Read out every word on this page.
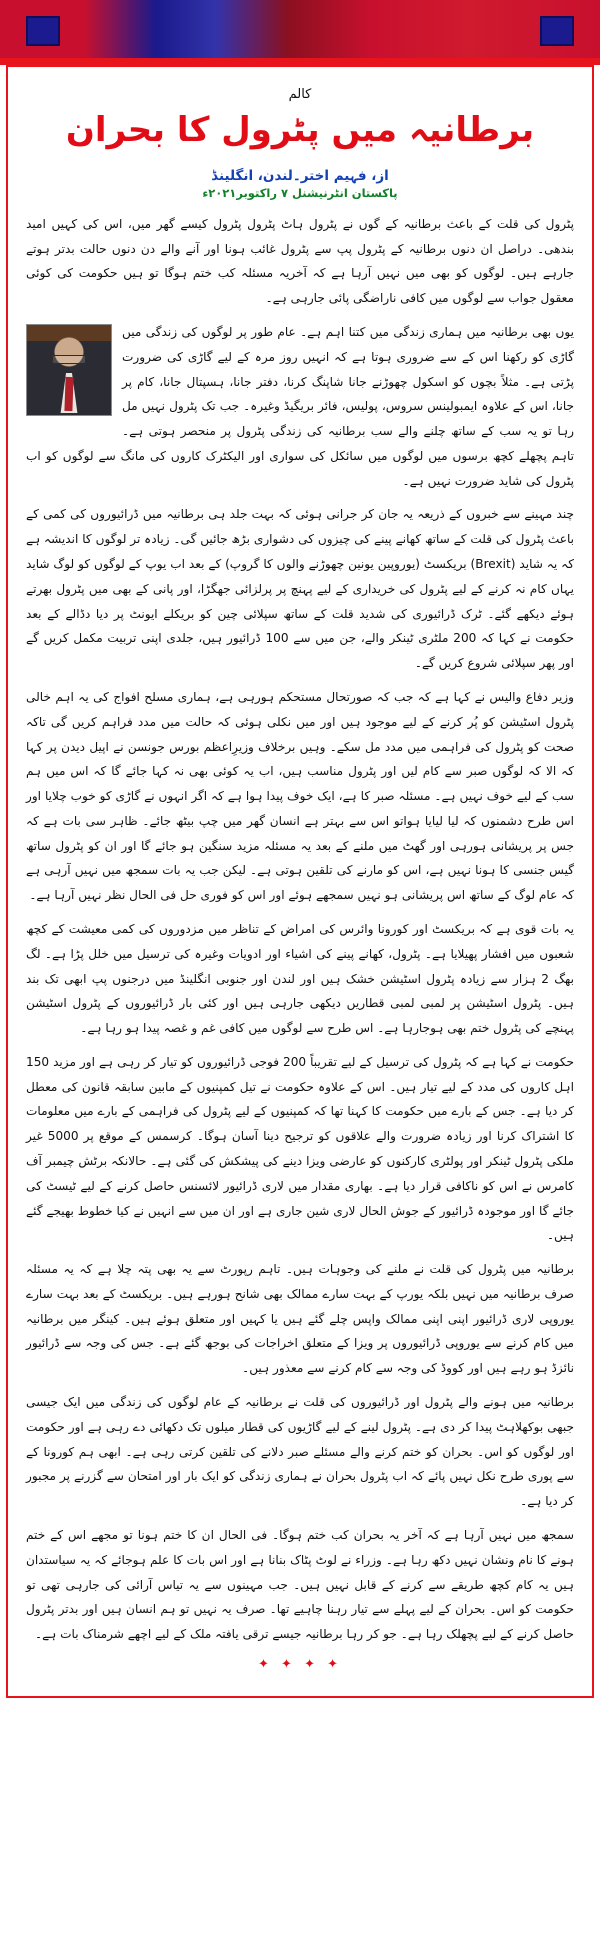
کالم
برطانیہ میں پٹرول کا بحران
از، فہیم اختر۔لندن، انگلینڈ
پاکستان انٹرنیشنل ۷ راکتوبر۲۰۲۱ء

پٹرول کی قلت کے باعث برطانیہ کے گوں نے پٹرول ہاٹ پٹرول پٹرول کیسے گھر میں، اس کی کہیں امید بندھی۔ دراصل ان دنوں برطانیہ کے پٹرول پپ سے پٹرول غائب ہونا اور آنے والے دن دنوں حالت بدتر ہوتے جارہے ہیں۔ لوگوں کو بھی میں نہیں آرہا ہے کہ آخریہ مسئلہ کب ختم ہوگا تو ہیں حکومت کی کوئی معقول جواب سے لوگوں میں کافی ناراضگی پائی جارہی ہے۔

یوں بھی برطانیہ میں ہماری زندگی میں کتنا اہم ہے۔ عام طور پر لوگوں کی زندگی میں گاڑی کو رکھنا اس کے سے ضروری ہوتا ہے کہ انہیں روز مرہ کے لیے گاڑی کی ضرورت پڑتی ہے۔ مثلاً بچوں کو اسکول چھوڑنے جانا شاپنگ کرنا، دفتر جانا، ہسپتال جانا، کام پر جانا، اس کے علاوہ ایمبولینس سروس، پولیس، فائر بریگیڈ وغیرہ۔ جب تک پٹرول نہیں مل رہا تو یہ سب کے ساتھ چلنے والے سب برطانیہ کی زندگی پٹرول پر منحصر ہوتی ہے۔ تاہم پچھلے کچھ برسوں میں لوگوں میں سائکل کی سواری اور الیکٹرک کاروں کی مانگ سے لوگوں کو اب پٹرول کی شاید ضرورت نہیں ہے۔

چند مہینے سے خبروں کے ذریعہ یہ جان کر جرانی ہوئی کہ بہت جلد ہی برطانیہ میں ڈرائیوروں کی کمی کے باعث پٹرول کی قلت کے ساتھ کھانے پینے کی چیزوں کی دشواری بڑھ جائیں گی۔ زیادہ تر لوگوں کا اندیشہ ہے کہ یہ شاید (Brexit) بریکسٹ (یوروپین یونین چھوڑنے والوں کا گروپ) کے بعد اب یوپ کے لوگوں کو لوگ شاید یہاں کام نہ کرنے کے لیے پٹرول کی خریداری کے لیے پہنچ پر پرلزائی جھگڑا، اور پانی کے بھی میں پٹرول بھرتے ہوئے دیکھے گئے۔ ٹرک ڈرائیوری کی شدید قلت کے ساتھ سپلائی چین کو بریکلے ایونٹ پر دیا دڈالے کے بعد حکومت نے کہا کہ 200 ملٹری ٹینکر والے، جن میں سے 100 ڈرائیور ہیں، جلدی اپنی تربیت مکمل کریں گے اور پھر سپلائی شروع کریں گے۔

وزیر دفاع والیس نے کہا ہے کہ جب کہ صورتحال مستحکم ہورہی ہے، ہماری مسلح افواج کی یہ اہم خالی پٹرول اسٹیشن کو پُر کرنے کے لیے موجود ہیں اور میں نکلی ہوئی کہ حالت میں مدد فراہم کریں گی تاکہ صحت کو پٹرول کی فراہمی میں مدد مل سکے۔ وہیں برخلاف وزیرِاعظم بورس جونسن نے اپیل دیدن پر کہا کہ الا کہ لوگوں صبر سے کام لیں اور پٹرول مناسب ہیں، اب یہ کوئی بھی نہ کہا جائے گا کہ اس میں ہم سب کے لیے خوف نہیں ہے۔ مسئلہ صبر کا ہے، ایک خوف پیدا ہوا ہے کہ اگر انہوں نے گاڑی کو خوب چلایا اور اس طرح دشمنوں کہ لیا لیایا ہواتو اس سے بہتر ہے انسان گھر میں چپ بیٹھ جائے۔ ظاہر سی بات ہے کہ جس پر پریشانی ہورہی اور گھٹ میں ملنے کے بعد یہ مسئلہ مزید سنگین ہو جائے گا اور ان کو پٹرول ساتھ گیس جنسی کا ہونا نہیں ہے، اس کو مارنے کی تلقین ہوتی ہے۔ لیکن جب یہ بات سمجھ میں نہیں آرہی ہے کہ عام لوگ کے ساتھ اس پریشانی ہو نہیں سمجھے ہوئے اور اس کو فوری حل فی الحال نظر نہیں آرہا ہے۔

یہ بات قوی ہے کہ بریکسٹ اور کورونا وائرس کی امراض کے تناظر میں مزدوروں کی کمی معیشت کے کچھ شعبوں میں افشار پھیلایا ہے۔ پٹرول، کھانے پینے کی اشیاء اور ادویات وغیرہ کی ترسیل میں خلل پڑا ہے۔ لگ بھگ 2 ہزار سے زیادہ پٹرول اسٹیشن خشک ہیں اور لندن اور جنوبی انگلینڈ میں درجنوں پپ ابھی تک بند ہیں۔ پٹرول اسٹیشن پر لمبی لمبی قطاریں دیکھی جارہی ہیں اور کئی بار ڈرائیوروں کے پٹرول اسٹیشن پہنچے کی پٹرول ختم بھی ہوجارہا ہے۔ اس طرح سے لوگوں میں کافی غم و غصہ پیدا ہو رہا ہے۔

حکومت نے کہا ہے کہ پٹرول کی ترسیل کے لیے تقریباً 200 فوجی ڈرائیوروں کو تیار کر رہی ہے اور مزید 150 اہل کاروں کی مدد کے لیے تیار ہیں۔ اس کے علاوہ حکومت نے تیل کمپنیوں کے مابین سابقہ قانون کی معطل کر دیا ہے۔ جس کے بارے میں حکومت کا کہنا تھا کہ کمپنیوں کے لیے پٹرول کی فراہمی کے بارے میں معلومات کا اشتراک کرنا اور زیادہ ضرورت والے علاقوں کو ترجیح دینا آسان ہوگا۔ کرسمس کے موقع پر 5000 غیر ملکی پٹرول ٹینکر اور پولٹری کارکنوں کو عارضی ویزا دینے کی پیشکش کی گئی ہے۔ حالانکہ برٹش چیمبر آف کامرس نے اس کو ناکافی قرار دیا ہے۔ بھاری مقدار میں لاری ڈرائیور لائسنس حاصل کرنے کے لیے ٹیسٹ کی جائے گا اور موجودہ ڈرائیور کے جوش الحال لاری شین جاری ہے اور ان میں سے انہیں نے کیا خطوط بھیجے گئے ہیں۔

برطانیہ میں پٹرول کی قلت نے ملنے کی وجوہات ہیں۔ تاہم رپورٹ سے یہ بھی پتہ چلا ہے کہ یہ مسئلہ صرف برطانیہ میں نہیں بلکہ یورپ کے بہت سارے ممالک بھی شانح ہورہے ہیں۔ بریکسٹ کے بعد بہت سارے یوروپی لاری ڈرائیور اپنی اپنی ممالک واپس چلے گئے ہیں یا کہیں اور متعلق ہوئے ہیں۔ کینگر میں برطانیہ میں کام کرنے سے یوروپی ڈرائیوروں پر ویزا کے متعلق اخراجات کی بوجھ گئے ہے۔ جس کی وجہ سے ڈرائیور نائزڈ ہو رہے ہیں اور کووڈ کی وجہ سے کام کرنے سے معذور ہیں۔

برطانیہ میں ہونے والے پٹرول اور ڈرائیوروں کی قلت نے برطانیہ کے عام لوگوں کی زندگی میں ایک جیسی جبھی بوکھلاہٹ پیدا کر دی ہے۔ پٹرول لینے کے لیے گاڑیوں کی قطار میلوں تک دکھائی دے رہی ہے اور حکومت اور لوگوں کو اس۔ بحران کو ختم کرنے والے مسئلے صبر دلانے کی تلقین کرتی رہی ہے۔ ابھی ہم کورونا کے سے پوری طرح نکل نہیں پائے کہ اب پٹرول بحران نے ہماری زندگی کو ایک بار اور امتحان سے گزرنے پر مجبور کر دیا ہے۔

سمجھ میں نہیں آرہا ہے کہ آخر یہ بحران کب ختم ہوگا۔ فی الحال ان کا ختم ہونا تو مجھے اس کے ختم ہونے کا نام ونشان نہیں دکھ رہا ہے۔ وزراء نے لوٹ پٹاک بنانا ہے اور اس بات کا علم ہوجائے کہ یہ سیاستدان ہیں یہ کام کچھ طریقے سے کرنے کے قابل نہیں ہیں۔ جب مہینوں سے یہ تیاس آرائی کی جارہی تھی تو حکومت کو اس۔ بحران کے لیے پہلے سے تیار رہنا چاہیے تھا۔ صرف یہ نہیں تو ہم انسان ہیں اور بدتر پٹرول حاصل کرنے کے لیے پچھلک رہا ہے۔ جو کر رہا برطانیہ جیسے ترقی یافتہ ملک کے لیے اچھے شرمناک بات ہے۔

✦ ✦ ✦ ✦
